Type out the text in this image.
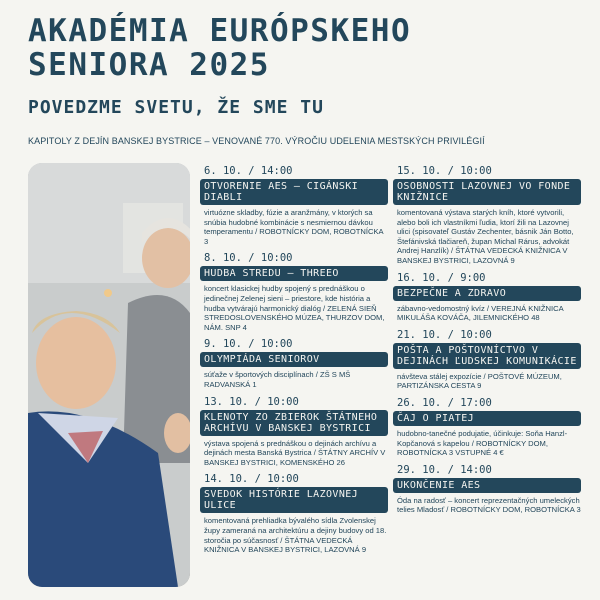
AKADÉMIA EURÓPSKEHO
SENIORA 2025
POVEDZME SVETU, ŽE SME TU
KAPITOLY Z DEJÍN BANSKEJ BYSTRICE – VENOVANÉ 770. VÝROČIU UDELENIA MESTSKÝCH PRIVILÉGIÍ
6. 10. / 14:00
OTVORENIE AES – CIGÁNSKI DIABLI
virtuózne skladby, fúzie a aranžmány, v ktorých sa snúbia hudobné kombinácie s nesmiernou dávkou temperamentu / ROBOTNÍCKY DOM, ROBOTNÍCKA 3
8. 10. / 10:00
HUDBA STREDU – THREEO
koncert klasickej hudby spojený s prednáškou o jedinečnej Zelenej sieni – priestore, kde história a hudba vytvárajú harmonický dialóg / ZELENÁ SIEŇ STREDOSLOVENSKÉHO MÚZEA, THURZOV DOM, NÁM. SNP 4
9. 10. / 10:00
OLYMPIÁDA SENIOROV
súťaže v športových disciplínach / ZŠ S MŠ RADVANSKÁ 1
13. 10. / 10:00
KLENOTY ZO ZBIEROK ŠTÁTNEHO ARCHÍVU V BANSKEJ BYSTRICI
výstava spojená s prednáškou o dejinách archívu a dejinách mesta Banská Bystrica / ŠTÁTNY ARCHÍV V BANSKEJ BYSTRICI, KOMENSKÉHO 26
14. 10. / 10:00
SVEDOK HISTÓRIE LAZOVNEJ ULICE
komentovaná prehliadka bývalého sídla Zvolenskej župy zameraná na architektúru a dejiny budovy od 18. storočia po súčasnosť / ŠTÁTNA VEDECKÁ KNIŽNICA V BANSKEJ BYSTRICI, LAZOVNÁ 9
15. 10. / 10:00
OSOBNOSTI LAZOVNEJ VO FONDE KNIŽNICE
komentovaná výstava starých kníh, ktoré vytvorili, alebo boli ich vlastníkmi ľudia, ktorí žili na Lazovnej ulici (spisovateľ Gustáv Zechenter, básnik Ján Botto, Štefánivská tlačiareň, župan Michal Rárus, advokát Andrej Hanzlík) / ŠTÁTNA VEDECKÁ KNIŽNICA V BANSKEJ BYSTRICI, LAZOVNÁ 9
16. 10. / 9:00
BEZPEČNE A ZDRAVO
zábavno-vedomostný kvíz / VEREJNÁ KNIŽNICA MIKULÁŠA KOVÁČA, JILEMNICKÉHO 48
21. 10. / 10:00
POŠTA A POŠTOVNÍCTVO V DEJINÁCH ĽUDSKEJ KOMUNIKÁCIE
návšteva stálej expozície / POŠTOVÉ MÚZEUM, PARTIZÁNSKA CESTA 9
26. 10. / 17:00
ČAJ O PIATEJ
hudobno-tanečné podujatie, účinkuje: Soňa Hanzl-Kopčanová s kapelou / ROBOTNÍCKY DOM, ROBOTNÍCKA 3 VSTUPNÉ 4 €
29. 10. / 14:00
UKONČENIE AES
Óda na radosť – koncert reprezentačných umeleckých telies Mladosť / ROBOTNÍCKY DOM, ROBOTNÍCKA 3
